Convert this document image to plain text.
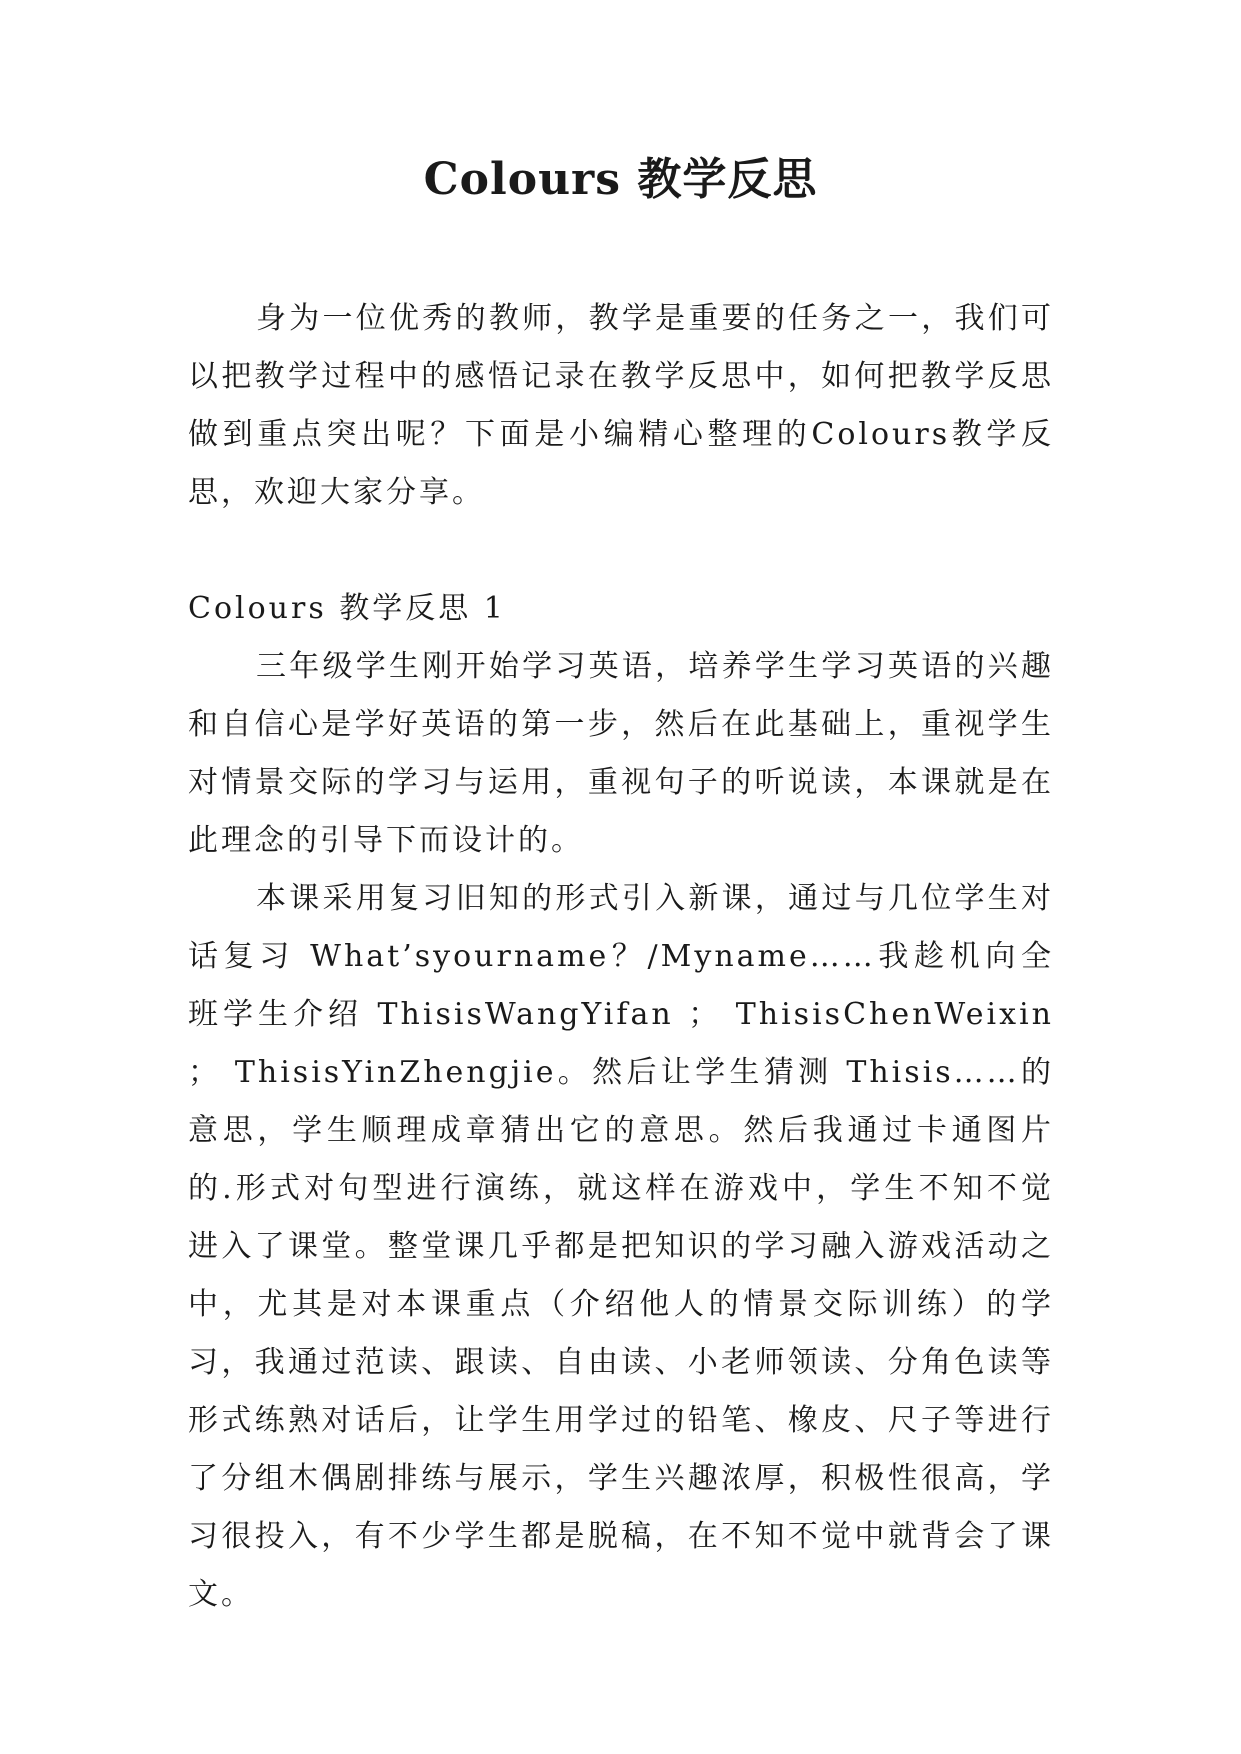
Colours 教学反思

身为一位优秀的教师，教学是重要的任务之一，我们可以把教学过程中的感悟记录在教学反思中，如何把教学反思做到重点突出呢？下面是小编精心整理的Colours教学反思，欢迎大家分享。

Colours 教学反思 1

三年级学生刚开始学习英语，培养学生学习英语的兴趣和自信心是学好英语的第一步，然后在此基础上，重视学生对情景交际的学习与运用，重视句子的听说读，本课就是在此理念的引导下而设计的。

本课采用复习旧知的形式引入新课，通过与几位学生对话复习 What’syourname？/Myname……我趁机向全班学生介绍 ThisisWangYifan ； ThisisChenWeixin ； ThisisYinZhengjie。然后让学生猜测 Thisis……的意思，学生顺理成章猜出它的意思。然后我通过卡通图片的.形式对句型进行演练，就这样在游戏中，学生不知不觉进入了课堂。整堂课几乎都是把知识的学习融入游戏活动之中，尤其是对本课重点（介绍他人的情景交际训练）的学习，我通过范读、跟读、自由读、小老师领读、分角色读等形式练熟对话后，让学生用学过的铅笔、橡皮、尺子等进行了分组木偶剧排练与展示，学生兴趣浓厚，积极性很高，学习很投入，有不少学生都是脱稿，在不知不觉中就背会了课文。
